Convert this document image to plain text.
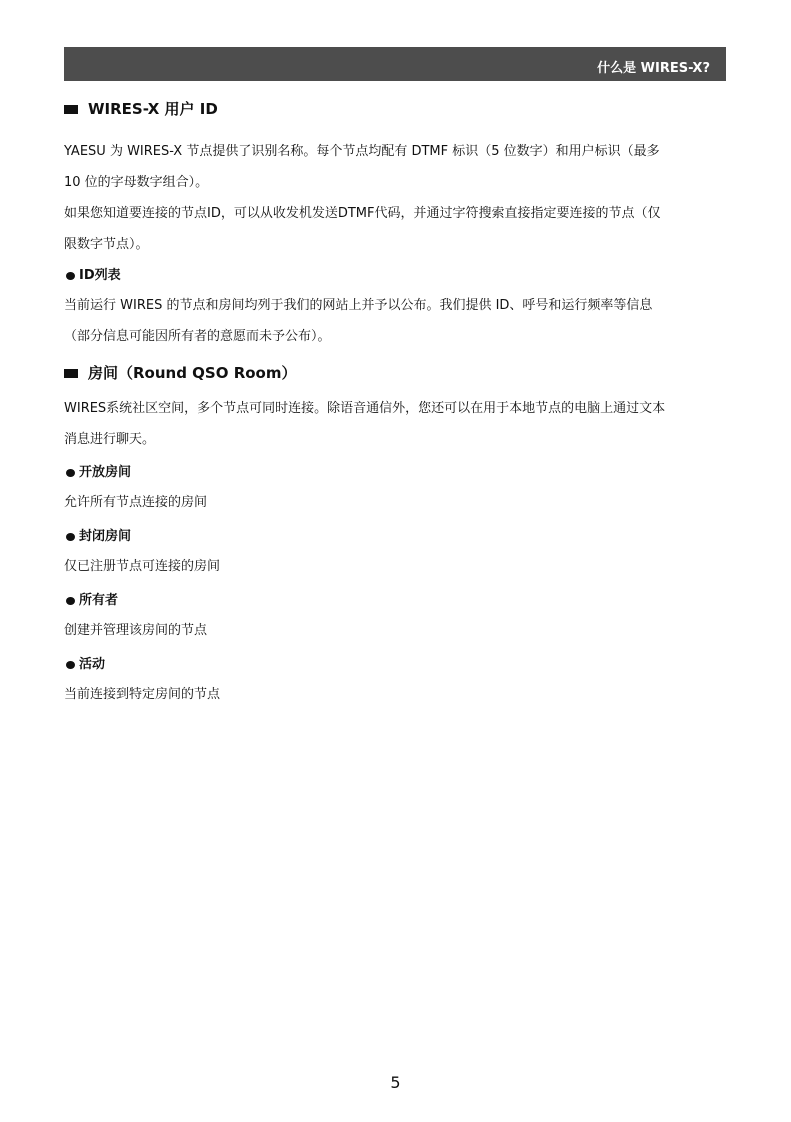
什么是 WIRES-X?
WIRES-X 用户 ID

YAESU 为 WIRES-X 节点提供了识别名称。每个节点均配有 DTMF 标识（5 位数字）和用户标识（最多

10 位的字母数字组合）。

如果您知道要连接的节点ID，可以从收发机发送DTMF代码，并通过字符搜索直接指定要连接的节点（仅

限数字节点）。

ID列表

当前运行 WIRES 的节点和房间均列于我们的网站上并予以公布。我们提供 ID、呼号和运行频率等信息

（部分信息可能因所有者的意愿而未予公布）。

房间（Round QSO Room）

WIRES系统社区空间，多个节点可同时连接。除语音通信外，您还可以在用于本地节点的电脑上通过文本

消息进行聊天。

开放房间

允许所有节点连接的房间

封闭房间

仅已注册节点可连接的房间

所有者

创建并管理该房间的节点

活动

当前连接到特定房间的节点

5
